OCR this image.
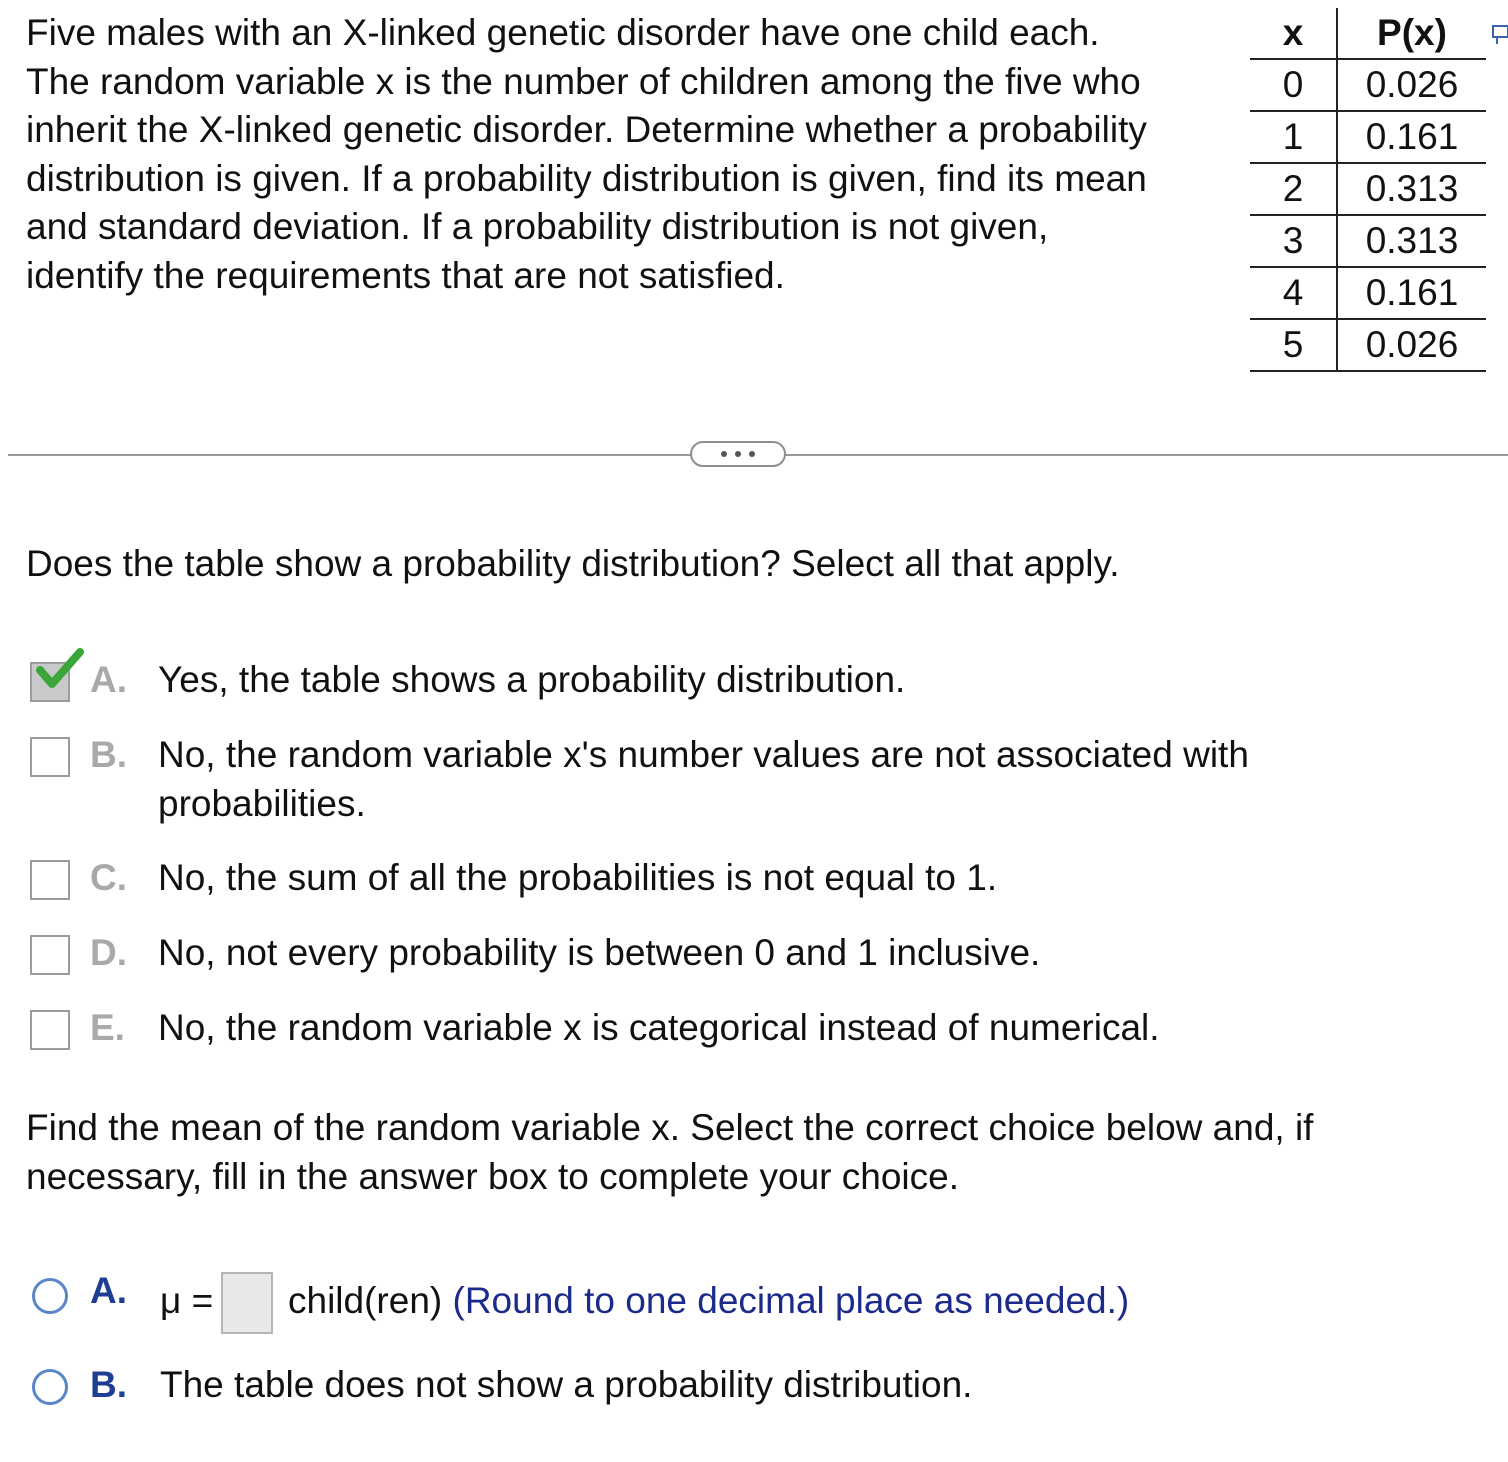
Five males with an X-linked genetic disorder have one child each.
The random variable x is the number of children among the five who
inherit the X-linked genetic disorder. Determine whether a probability
distribution is given. If a probability distribution is given, find its mean
and standard deviation. If a probability distribution is not given,
identify the requirements that are not satisfied.
x	P(x)
0	0.026
1	0.161
2	0.313
3	0.313
4	0.161
5	0.026
Does the table show a probability distribution? Select all that apply.
A. Yes, the table shows a probability distribution.
B. No, the random variable x's number values are not associated with
probabilities.
C. No, the sum of all the probabilities is not equal to 1.
D. No, not every probability is between 0 and 1 inclusive.
E. No, the random variable x is categorical instead of numerical.
Find the mean of the random variable x. Select the correct choice below and, if
necessary, fill in the answer box to complete your choice.
A. μ = child(ren) (Round to one decimal place as needed.)
B. The table does not show a probability distribution.
